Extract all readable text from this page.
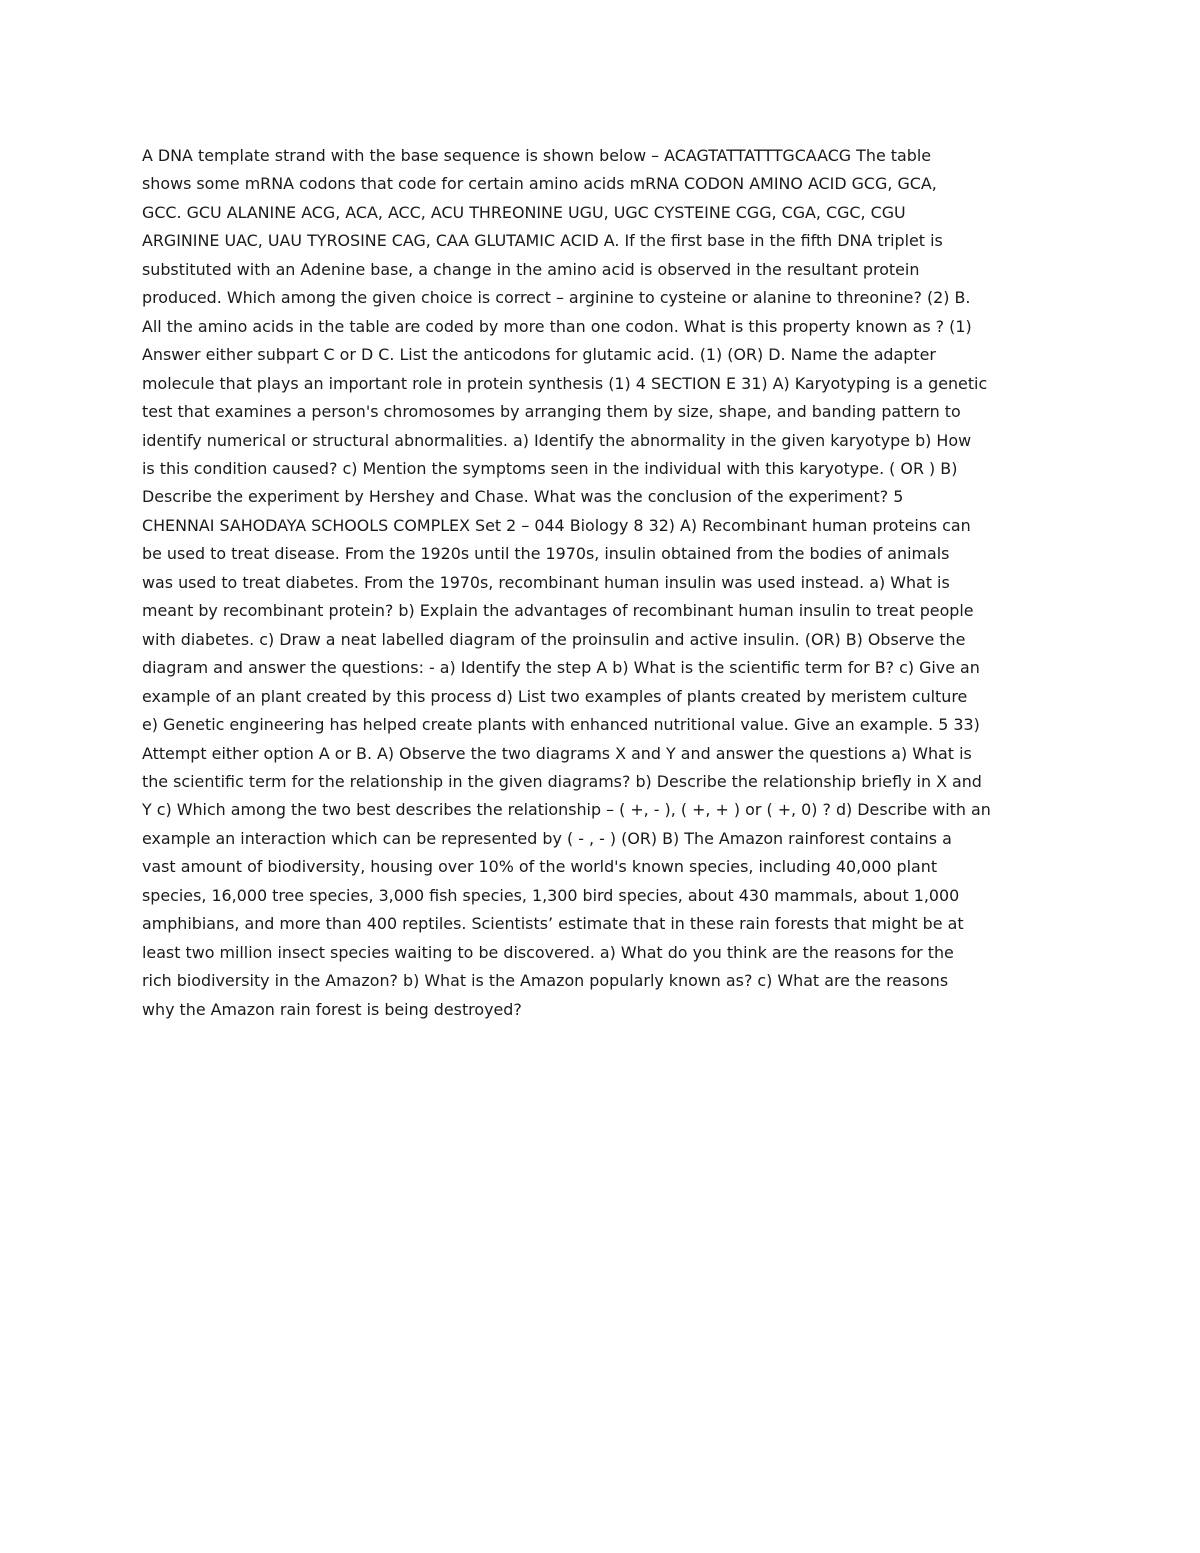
A DNA template strand with the base sequence is shown below – ACAGTATTATTTGCAACG The table
shows some mRNA codons that code for certain amino acids mRNA CODON AMINO ACID GCG, GCA,
GCC. GCU ALANINE ACG, ACA, ACC, ACU THREONINE UGU, UGC CYSTEINE CGG, CGA, CGC, CGU
ARGININE UAC, UAU TYROSINE CAG, CAA GLUTAMIC ACID A. If the first base in the fifth DNA triplet is
substituted with an Adenine base, a change in the amino acid is observed in the resultant protein
produced. Which among the given choice is correct – arginine to cysteine or alanine to threonine? (2) B.
All the amino acids in the table are coded by more than one codon. What is this property known as ? (1)
Answer either subpart C or D C. List the anticodons for glutamic acid. (1) (OR) D. Name the adapter
molecule that plays an important role in protein synthesis (1) 4 SECTION E 31) A) Karyotyping is a genetic
test that examines a person's chromosomes by arranging them by size, shape, and banding pattern to
identify numerical or structural abnormalities. a) Identify the abnormality in the given karyotype b) How
is this condition caused? c) Mention the symptoms seen in the individual with this karyotype. ( OR ) B)
Describe the experiment by Hershey and Chase. What was the conclusion of the experiment? 5
CHENNAI SAHODAYA SCHOOLS COMPLEX Set 2 – 044 Biology 8 32) A) Recombinant human proteins can
be used to treat disease. From the 1920s until the 1970s, insulin obtained from the bodies of animals
was used to treat diabetes. From the 1970s, recombinant human insulin was used instead. a) What is
meant by recombinant protein? b) Explain the advantages of recombinant human insulin to treat people
with diabetes. c) Draw a neat labelled diagram of the proinsulin and active insulin. (OR) B) Observe the
diagram and answer the questions: - a) Identify the step A b) What is the scientific term for B? c) Give an
example of an plant created by this process d) List two examples of plants created by meristem culture
e) Genetic engineering has helped create plants with enhanced nutritional value. Give an example. 5 33)
Attempt either option A or B. A) Observe the two diagrams X and Y and answer the questions a) What is
the scientific term for the relationship in the given diagrams? b) Describe the relationship briefly in X and
Y c) Which among the two best describes the relationship – ( +, - ), ( +, + ) or ( +, 0) ? d) Describe with an
example an interaction which can be represented by ( - , - ) (OR) B) The Amazon rainforest contains a
vast amount of biodiversity, housing over 10% of the world's known species, including 40,000 plant
species, 16,000 tree species, 3,000 fish species, 1,300 bird species, about 430 mammals, about 1,000
amphibians, and more than 400 reptiles. Scientists’ estimate that in these rain forests that might be at
least two million insect species waiting to be discovered. a) What do you think are the reasons for the
rich biodiversity in the Amazon? b) What is the Amazon popularly known as? c) What are the reasons
why the Amazon rain forest is being destroyed?
